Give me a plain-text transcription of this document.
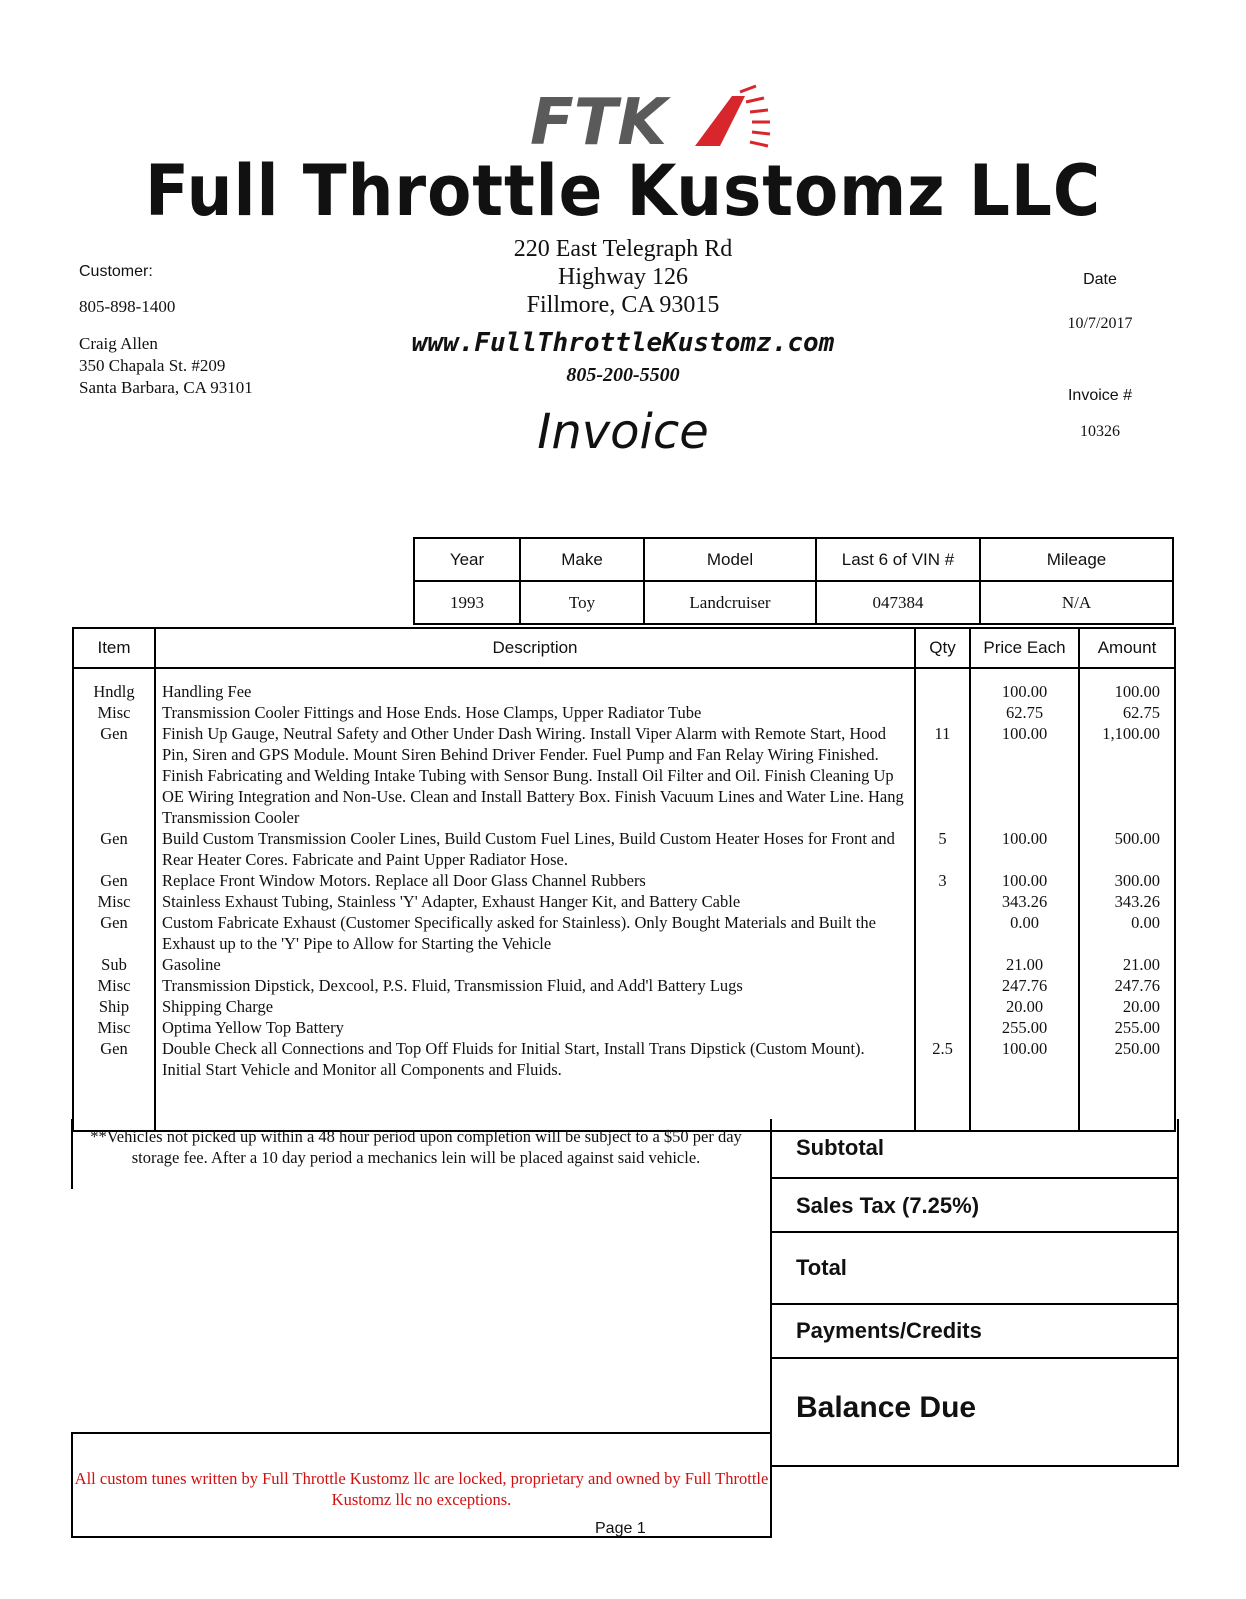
FTK
Full Throttle Kustomz LLC
220 East Telegraph Rd
Highway 126
Fillmore, CA 93015
www.FullThrottleKustomz.com
805-200-5500
Invoice
Customer:
805-898-1400
Craig Allen
350 Chapala St. #209
Santa Barbara, CA 93101
Date
10/7/2017
Invoice #
10326
Year	Make	Model	Last 6 of VIN #	Mileage
1993	Toy	Landcruiser	047384	N/A
Item	Description	Qty	Price Each	Amount
Hndlg	Handling Fee		100.00	100.00
Misc	Transmission Cooler Fittings and Hose Ends. Hose Clamps, Upper Radiator Tube		62.75	62.75
Gen	Finish Up Gauge, Neutral Safety and Other Under Dash Wiring. Install Viper Alarm with Remote Start, Hood Pin, Siren and GPS Module. Mount Siren Behind Driver Fender. Fuel Pump and Fan Relay Wiring Finished. Finish Fabricating and Welding Intake Tubing with Sensor Bung. Install Oil Filter and Oil. Finish Cleaning Up OE Wiring Integration and Non-Use. Clean and Install Battery Box. Finish Vacuum Lines and Water Line. Hang Transmission Cooler	11	100.00	1,100.00
Gen	Build Custom Transmission Cooler Lines, Build Custom Fuel Lines, Build Custom Heater Hoses for Front and Rear Heater Cores. Fabricate and Paint Upper Radiator Hose.	5	100.00	500.00
Gen	Replace Front Window Motors. Replace all Door Glass Channel Rubbers	3	100.00	300.00
Misc	Stainless Exhaust Tubing, Stainless 'Y' Adapter, Exhaust Hanger Kit, and Battery Cable		343.26	343.26
Gen	Custom Fabricate Exhaust (Customer Specifically asked for Stainless). Only Bought Materials and Built the Exhaust up to the 'Y' Pipe to Allow for Starting the Vehicle		0.00	0.00
Sub	Gasoline		21.00	21.00
Misc	Transmission Dipstick, Dexcool, P.S. Fluid, Transmission Fluid, and Add'l Battery Lugs		247.76	247.76
Ship	Shipping Charge		20.00	20.00
Misc	Optima Yellow Top Battery		255.00	255.00
Gen	Double Check all Connections and Top Off Fluids for Initial Start, Install Trans Dipstick (Custom Mount). Initial Start Vehicle and Monitor all Components and Fluids.	2.5	100.00	250.00

**Vehicles not picked up within a 48 hour period upon completion will be subject to a $50 per day storage fee. After a 10 day period a mechanics lein will be placed against said vehicle.	Subtotal
Sales Tax (7.25%)
Total
Payments/Credits
Balance Due
All custom tunes written by Full Throttle Kustomz llc are locked, proprietary and owned by Full Throttle Kustomz llc no exceptions.
Page 1
